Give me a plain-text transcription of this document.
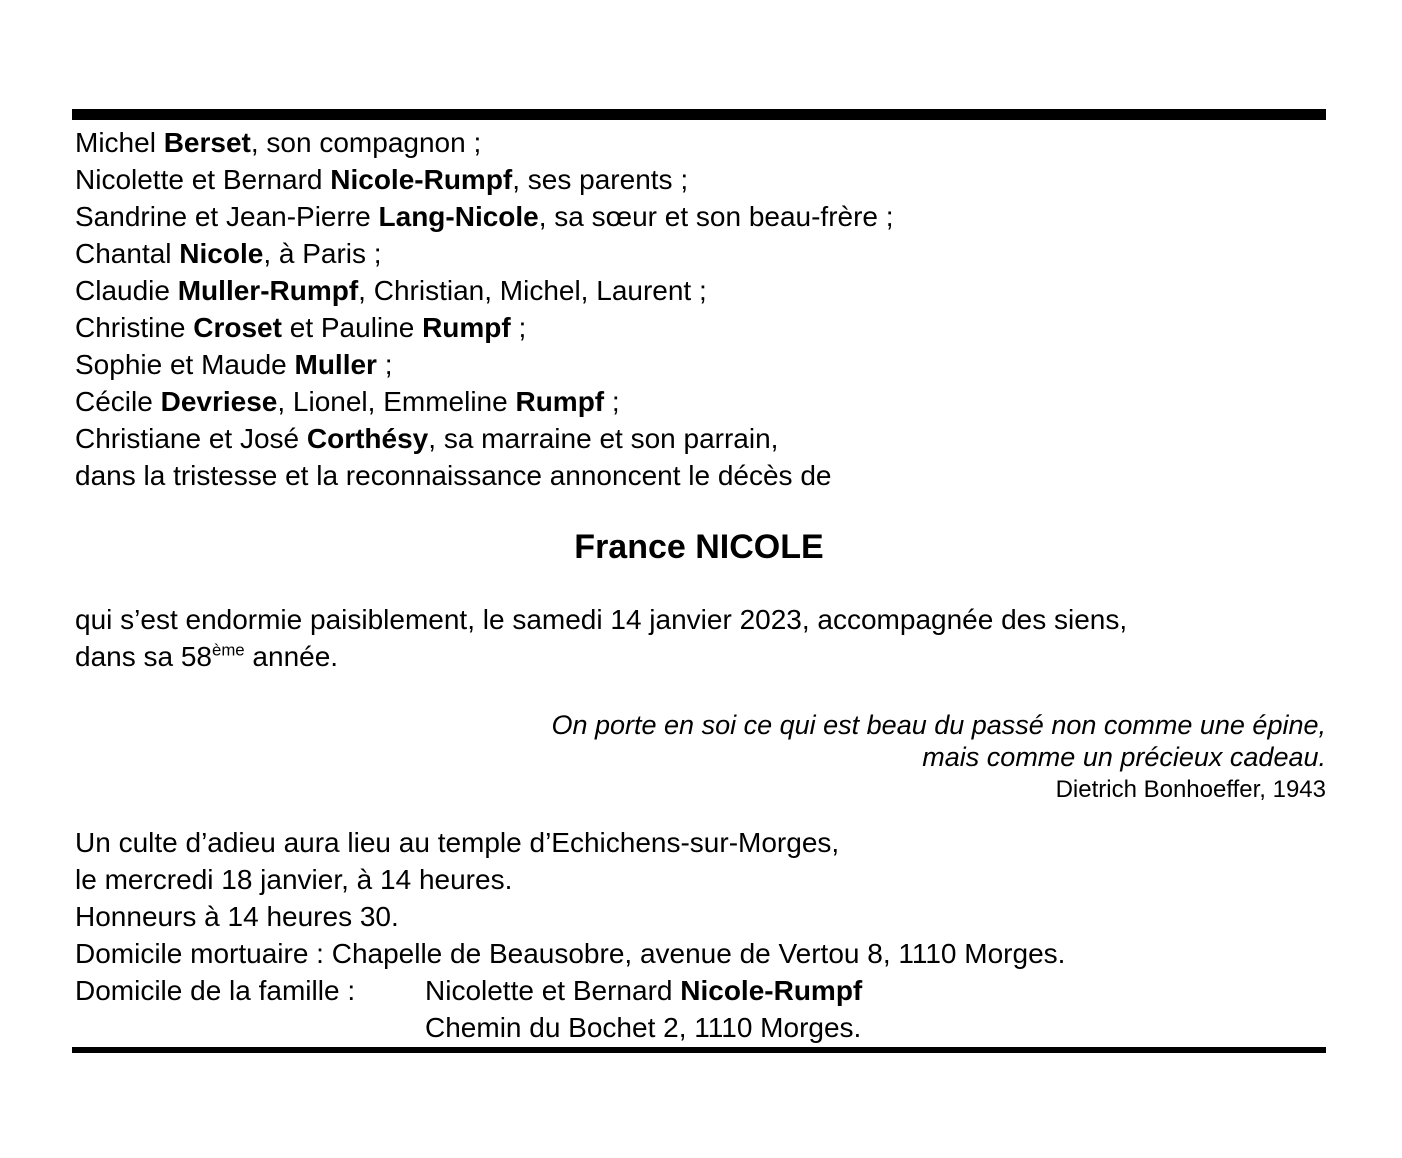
Michel Berset, son compagnon ;
Nicolette et Bernard Nicole-Rumpf, ses parents ;
Sandrine et Jean-Pierre Lang-Nicole, sa sœur et son beau-frère ;
Chantal Nicole, à Paris ;
Claudie Muller-Rumpf, Christian, Michel, Laurent ;
Christine Croset et Pauline Rumpf ;
Sophie et Maude Muller ;
Cécile Devriese, Lionel, Emmeline Rumpf ;
Christiane et José Corthésy, sa marraine et son parrain,
dans la tristesse et la reconnaissance annoncent le décès de
France NICOLE
qui s’est endormie paisiblement, le samedi 14 janvier 2023, accompagnée des siens,
dans sa 58ème année.
On porte en soi ce qui est beau du passé non comme une épine,
mais comme un précieux cadeau.
Dietrich Bonhoeffer, 1943
Un culte d’adieu aura lieu au temple d’Echichens-sur-Morges,
le mercredi 18 janvier, à 14 heures.
Honneurs à 14 heures 30.
Domicile mortuaire : Chapelle de Beausobre, avenue de Vertou 8, 1110 Morges.
Domicile de la famille : Nicolette et Bernard Nicole-Rumpf
Chemin du Bochet 2, 1110 Morges.
